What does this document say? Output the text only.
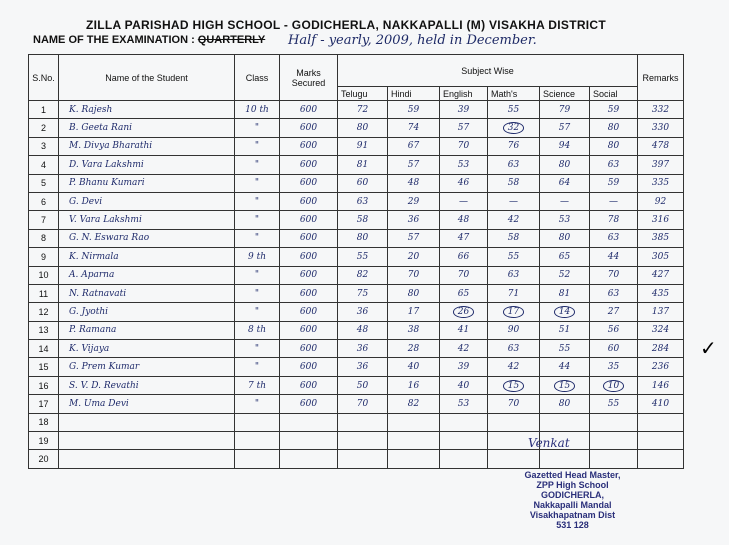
ZILLA PARISHAD HIGH SCHOOL - GODICHERLA, NAKKAPALLI (M) VISAKHA DISTRICT
NAME OF THE EXAMINATION : QUARTERLY Half - yearly, 2009, held in December.
S.No.	Name of the Student	Class	Marks Secured	Subject Wise						Remarks
				Telugu	Hindi	English	Math's	Science	Social	
1	K. Rajesh	10 th	600	72	59	39	55	79	59	332
2	B. Geeta Rani	"	600	80	74	57	32	57	80	330
3	M. Divya Bharathi	"	600	91	67	70	76	94	80	478
4	D. Vara Lakshmi	"	600	81	57	53	63	80	63	397
5	P. Bhanu Kumari	"	600	60	48	46	58	64	59	335
6	G. Devi	"	600	63	29	—	—	—	—	92
7	V. Vara Lakshmi	"	600	58	36	48	42	53	78	316
8	G. N. Eswara Rao	"	600	80	57	47	58	80	63	385
9	K. Nirmala	9 th	600	55	20	66	55	65	44	305
10	A. Aparna	"	600	82	70	70	63	52	70	427
11	N. Ratnavati	"	600	75	80	65	71	81	63	435
12	G. Jyothi	"	600	36	17	26	17	14	27	137
13	P. Ramana	8 th	600	48	38	41	90	51	56	324
14	K. Vijaya	"	600	36	28	42	63	55	60	284
15	G. Prem Kumar	"	600	36	40	39	42	44	35	236
16	S. V. D. Revathi	7 th	600	50	16	40	15	15	10	146
17	M. Uma Devi	"	600	70	82	53	70	80	55	410
18										
19										
20										
✓
Venkat
Gazetted Head Master,
ZPP High School
GODICHERLA,
Nakkapalli Mandal
Visakhapatnam Dist
531 128
